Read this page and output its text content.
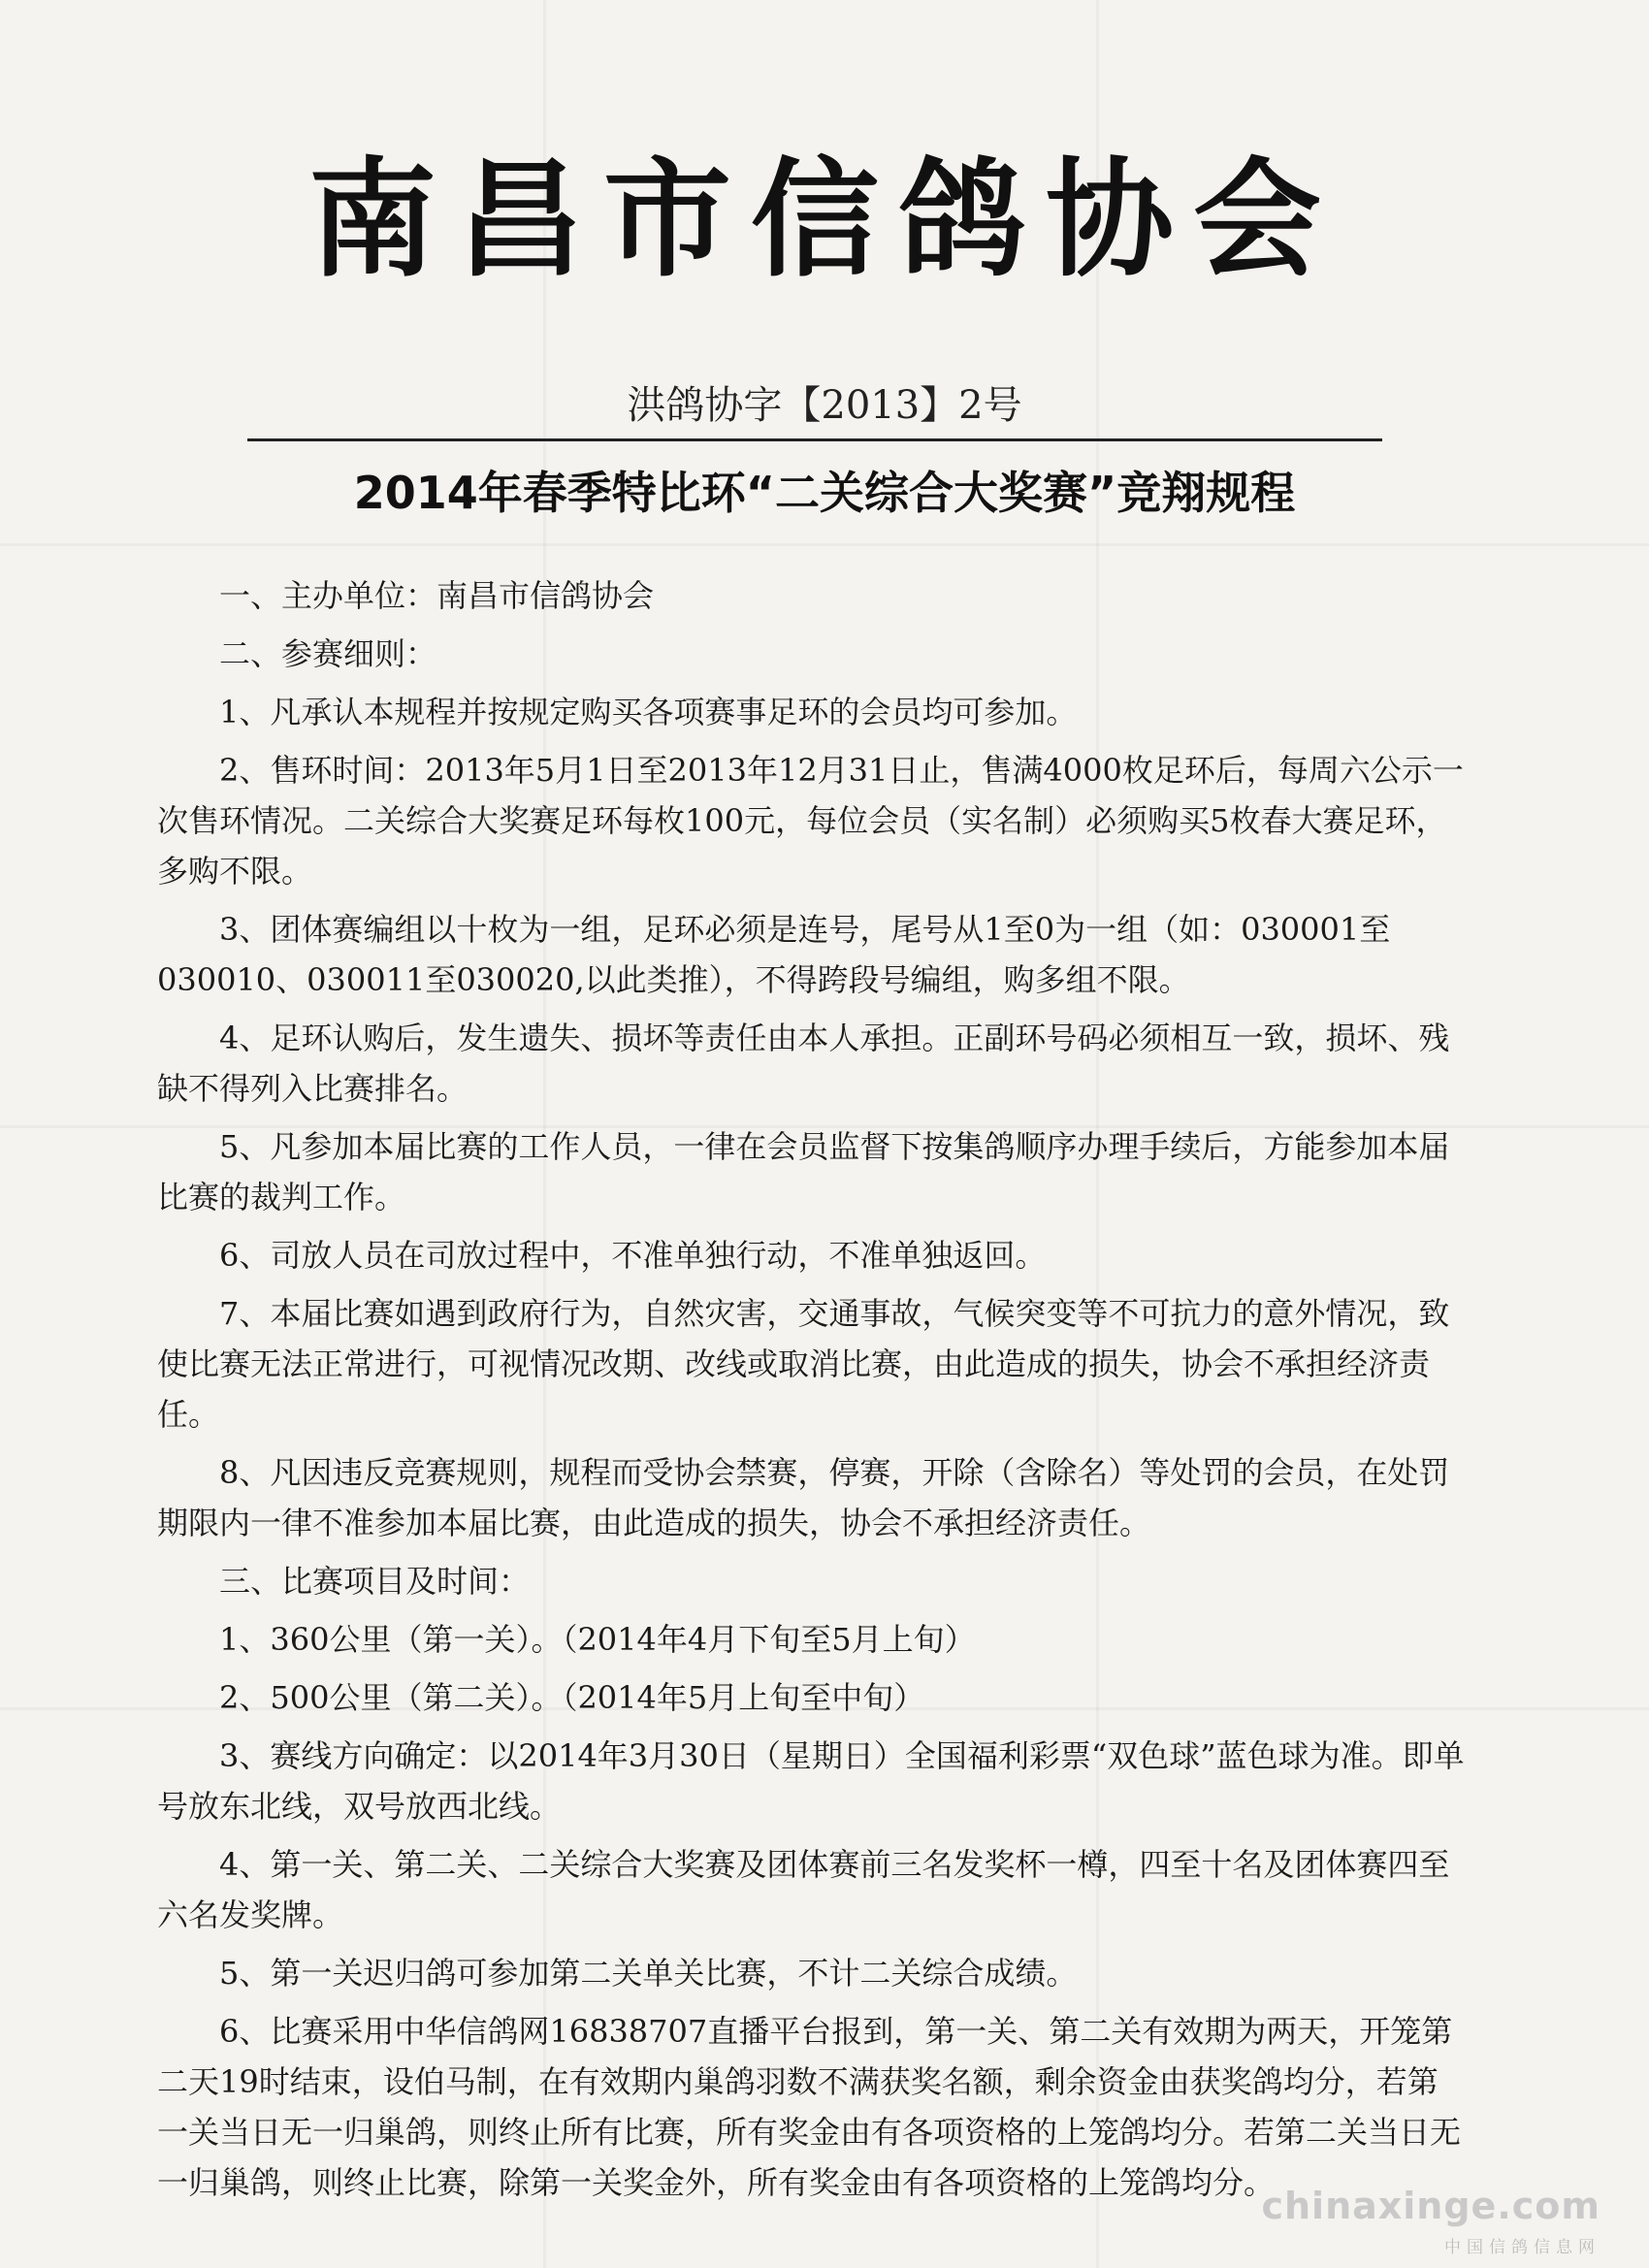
南昌市信鸽协会
洪鸽协字【2013】2号
2014年春季特比环“二关综合大奖赛”竞翔规程

一、主办单位：南昌市信鸽协会

二、参赛细则：

1、凡承认本规程并按规定购买各项赛事足环的会员均可参加。

2、售环时间：2013年5月1日至2013年12月31日止，售满4000枚足环后，每周六公示一次售环情况。二关综合大奖赛足环每枚100元，每位会员（实名制）必须购买5枚春大赛足环，多购不限。

3、团体赛编组以十枚为一组，足环必须是连号，尾号从1至0为一组（如：030001至030010、030011至030020,以此类推），不得跨段号编组，购多组不限。

4、足环认购后，发生遗失、损坏等责任由本人承担。正副环号码必须相互一致，损坏、残缺不得列入比赛排名。

5、凡参加本届比赛的工作人员，一律在会员监督下按集鸽顺序办理手续后，方能参加本届比赛的裁判工作。

6、司放人员在司放过程中，不准单独行动，不准单独返回。

7、本届比赛如遇到政府行为，自然灾害，交通事故，气候突变等不可抗力的意外情况，致使比赛无法正常进行，可视情况改期、改线或取消比赛，由此造成的损失，协会不承担经济责任。

8、凡因违反竞赛规则，规程而受协会禁赛，停赛，开除（含除名）等处罚的会员，在处罚期限内一律不准参加本届比赛，由此造成的损失，协会不承担经济责任。

三、比赛项目及时间：

1、360公里（第一关）。（2014年4月下旬至5月上旬）

2、500公里（第二关）。（2014年5月上旬至中旬）

3、赛线方向确定：以2014年3月30日（星期日）全国福利彩票“双色球”蓝色球为准。即单号放东北线，双号放西北线。

4、第一关、第二关、二关综合大奖赛及团体赛前三名发奖杯一樽，四至十名及团体赛四至六名发奖牌。

5、第一关迟归鸽可参加第二关单关比赛，不计二关综合成绩。

6、比赛采用中华信鸽网16838707直播平台报到，第一关、第二关有效期为两天，开笼第二天19时结束，设伯马制，在有效期内巢鸽羽数不满获奖名额，剩余资金由获奖鸽均分，若第一关当日无一归巢鸽，则终止所有比赛，所有奖金由有各项资格的上笼鸽均分。若第二关当日无一归巢鸽，则终止比赛，除第一关奖金外，所有奖金由有各项资格的上笼鸽均分。

chinaxinge.com
中国信鸽信息网
